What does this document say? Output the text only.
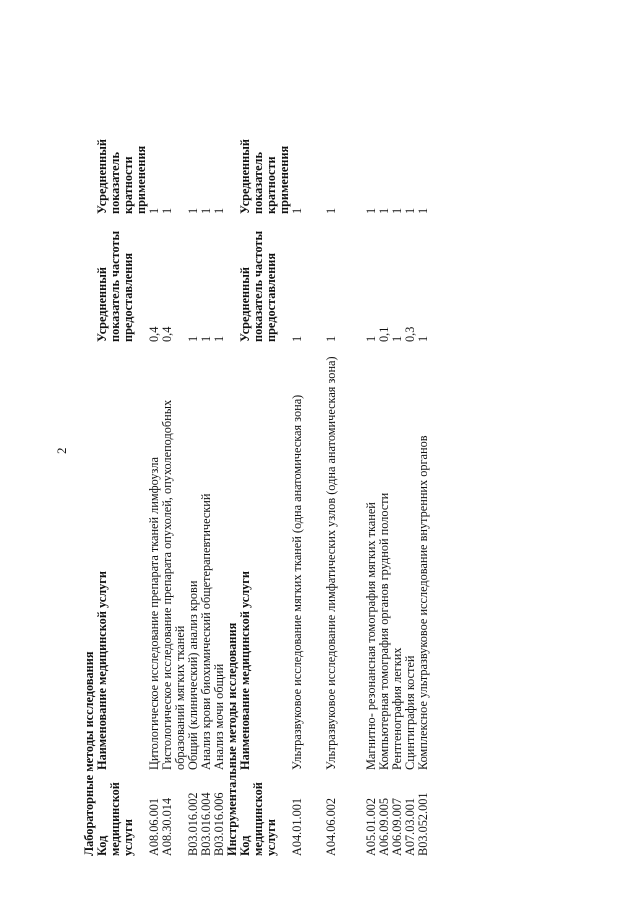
2
Лабораторные методы исследования Код медицинской услуги
Наименование медицинской услуги
Усредненный показатель частоты предоставления
Усредненный показатель кратности применения
A08.06.001
Цитологическое исследование препарата тканей лимфоузла
0,4
1
A08.30.014
Гистологическое исследование препарата опухолей, опухолеподобных образований мягких тканей
0,4
1
B03.016.002
Общий (клинический) анализ крови
1
1
B03.016.004
Анализ крови биохимический общетерапевтический
1
1
B03.016.006
Анализ мочи общий
1
1
Инструментальные методы исследования Код медицинской услуги
Наименование медицинской услуги
Усредненный показатель частоты предоставления
Усредненный показатель кратности применения
A04.01.001
Ультразвуковое исследование мягких тканей (одна анатомическая зона)
1
1
A04.06.002
Ультразвуковое исследование лимфатических узлов (одна анатомическая зона)
1
1
A05.01.002
Магнитно- резонансная томография мягких тканей
1
1
A06.09.005
Компьютерная томография органов грудной полости
0,1
1
A06.09.007
Рентгенография легких
1
1
A07.03.001
Сцинтиграфия костей
0,3
1
B03.052.001
Комплексное ультразвуковое исследование внутренних органов
1
1
